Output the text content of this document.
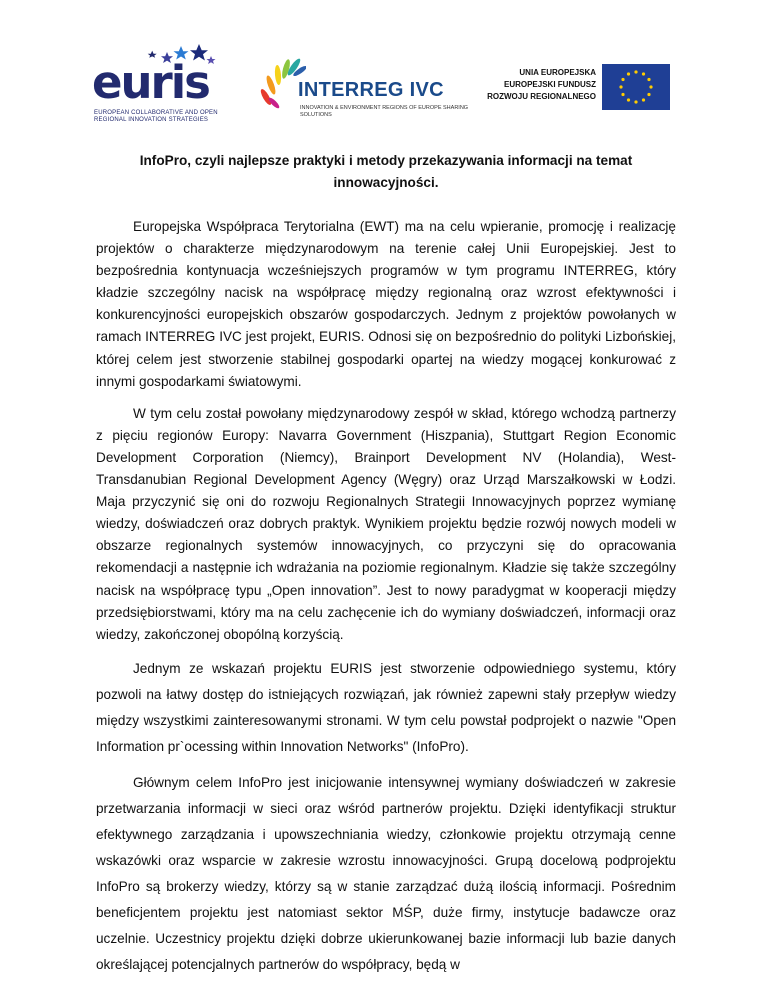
euris
EUROPEAN COLLABORATIVE AND OPEN REGIONAL INNOVATION STRATEGIES
INTERREG IVC
INNOVATION & ENVIRONMENT REGIONS OF EUROPE SHARING SOLUTIONS
UNIA EUROPEJSKA
EUROPEJSKI FUNDUSZ
ROZWOJU REGIONALNEGO
InfoPro, czyli najlepsze praktyki i metody przekazywania informacji na temat innowacyjności.

Europejska Współpraca Terytorialna (EWT) ma na celu wpieranie, promocję i realizację projektów o charakterze międzynarodowym na terenie całej Unii Europejskiej. Jest to bezpośrednia kontynuacja wcześniejszych programów w tym programu INTERREG, który kładzie szczególny nacisk na współpracę między regionalną oraz wzrost efektywności i konkurencyjności europejskich obszarów gospodarczych. Jednym z projektów powołanych w ramach INTERREG IVC jest projekt, EURIS. Odnosi się on bezpośrednio do polityki Lizbońskiej, której celem jest stworzenie stabilnej gospodarki opartej na wiedzy mogącej konkurować z innymi gospodarkami światowymi.

W tym celu został powołany międzynarodowy zespół w skład, którego wchodzą partnerzy z pięciu regionów Europy: Navarra Government (Hiszpania), Stuttgart Region Economic Development Corporation (Niemcy), Brainport Development NV (Holandia), West-Transdanubian Regional Development Agency (Węgry) oraz Urząd Marszałkowski w Łodzi. Maja przyczynić się oni do rozwoju Regionalnych Strategii Innowacyjnych poprzez wymianę wiedzy, doświadczeń oraz dobrych praktyk. Wynikiem projektu będzie rozwój nowych modeli w obszarze regionalnych systemów innowacyjnych, co przyczyni się do opracowania rekomendacji a następnie ich wdrażania na poziomie regionalnym. Kładzie się także szczególny nacisk na współpracę typu „Open innovation”. Jest to nowy paradygmat w kooperacji między przedsiębiorstwami, który ma na celu zachęcenie ich do wymiany doświadczeń, informacji oraz wiedzy, zakończonej obopólną korzyścią.

Jednym ze wskazań projektu EURIS jest stworzenie odpowiedniego systemu, który pozwoli na łatwy dostęp do istniejących rozwiązań, jak również zapewni stały przepływ wiedzy między wszystkimi zainteresowanymi stronami. W tym celu powstał podprojekt o nazwie "Open Information pr`ocessing within Innovation Networks" (InfoPro).

Głównym celem InfoPro jest inicjowanie intensywnej wymiany doświadczeń w zakresie przetwarzania informacji w sieci oraz wśród partnerów projektu. Dzięki identyfikacji struktur efektywnego zarządzania i upowszechniania wiedzy, członkowie projektu otrzymają cenne wskazówki oraz wsparcie w zakresie wzrostu innowacyjności. Grupą docelową podprojektu InfoPro są brokerzy wiedzy, którzy są w stanie zarządzać dużą ilością informacji. Pośrednim beneficjentem projektu jest natomiast sektor MŚP, duże firmy, instytucje badawcze oraz uczelnie. Uczestnicy projektu dzięki dobrze ukierunkowanej bazie informacji lub bazie danych określającej potencjalnych partnerów do współpracy, będą w
